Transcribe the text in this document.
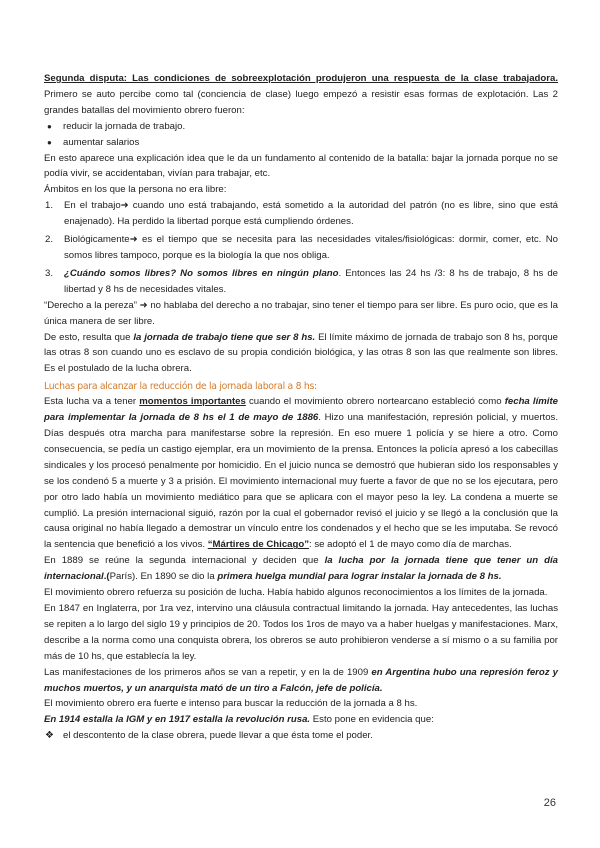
Segunda disputa: Las condiciones de sobreexplotación produjeron una respuesta de la clase trabajadora. Primero se auto percibe como tal (conciencia de clase) luego empezó a resistir esas formas de explotación. Las 2 grandes batallas del movimiento obrero fueron:

● reducir la jornada de trabajo.
● aumentar salarios

En esto aparece una explicación idea que le da un fundamento al contenido de la batalla: bajar la jornada porque no se podía vivir, se accidentaban, vivían para trabajar, etc.

Ámbitos en los que la persona no era libre:

1. En el trabajo➜ cuando uno está trabajando, está sometido a la autoridad del patrón (no es libre, sino que está enajenado). Ha perdido la libertad porque está cumpliendo órdenes.
2. Biológicamente➜ es el tiempo que se necesita para las necesidades vitales/fisiológicas: dormir, comer, etc. No somos libres tampoco, porque es la biología la que nos obliga.
3. ¿Cuándo somos libres? No somos libres en ningún plano. Entonces las 24 hs /3: 8 hs de trabajo, 8 hs de libertad y 8 hs de necesidades vitales.

“Derecho a la pereza” ➜ no hablaba del derecho a no trabajar, sino tener el tiempo para ser libre. Es puro ocio, que es la única manera de ser libre.

De esto, resulta que la jornada de trabajo tiene que ser 8 hs. El límite máximo de jornada de trabajo son 8 hs, porque las otras 8 son cuando uno es esclavo de su propia condición biológica, y las otras 8 son las que realmente son libres. Es el postulado de la lucha obrera.

Luchas para alcanzar la reducción de la jornada laboral a 8 hs:

Esta lucha va a tener momentos importantes cuando el movimiento obrero nortearcano estableció como fecha límite para implementar la jornada de 8 hs el 1 de mayo de 1886. Hizo una manifestación, represión policial, y muertos. Días después otra marcha para manifestarse sobre la represión. En eso muere 1 policía y se hiere a otro. Como consecuencia, se pedía un castigo ejemplar, era un movimiento de la prensa. Entonces la policía apresó a los cabecillas sindicales y los procesó penalmente por homicidio. En el juicio nunca se demostró que hubieran sido los responsables y se los condenó 5 a muerte y 3 a prisión. El movimiento internacional muy fuerte a favor de que no se los ejecutara, pero por otro lado había un movimiento mediático para que se aplicara con el mayor peso la ley. La condena a muerte se cumplió. La presión internacional siguió, razón por la cual el gobernador revisó el juicio y se llegó a la conclusión que la causa original no había llegado a demostrar un vínculo entre los condenados y el hecho que se les imputaba. Se revocó la sentencia que benefició a los vivos. “Mártires de Chicago”: se adoptó el 1 de mayo como día de marchas.

En 1889 se reúne la segunda internacional y deciden que la lucha por la jornada tiene que tener un día internacional.(París). En 1890 se dio la primera huelga mundial para lograr instalar la jornada de 8 hs.

El movimiento obrero refuerza su posición de lucha. Había habido algunos reconocimientos a los límites de la jornada.

En 1847 en Inglaterra, por 1ra vez, intervino una cláusula contractual limitando la jornada. Hay antecedentes, las luchas se repiten a lo largo del siglo 19 y principios de 20. Todos los 1ros de mayo va a haber huelgas y manifestaciones. Marx, describe a la norma como una conquista obrera, los obreros se auto prohibieron venderse a sí mismo o a su familia por más de 10 hs, que establecía la ley.

Las manifestaciones de los primeros años se van a repetir, y en la de 1909 en Argentina hubo una represión feroz y muchos muertos, y un anarquista mató de un tiro a Falcón, jefe de policía.

El movimiento obrero era fuerte e intenso para buscar la reducción de la jornada a 8 hs.

En 1914 estalla la IGM y en 1917 estalla la revolución rusa. Esto pone en evidencia que:

❖ el descontento de la clase obrera, puede llevar a que ésta tome el poder.
26
